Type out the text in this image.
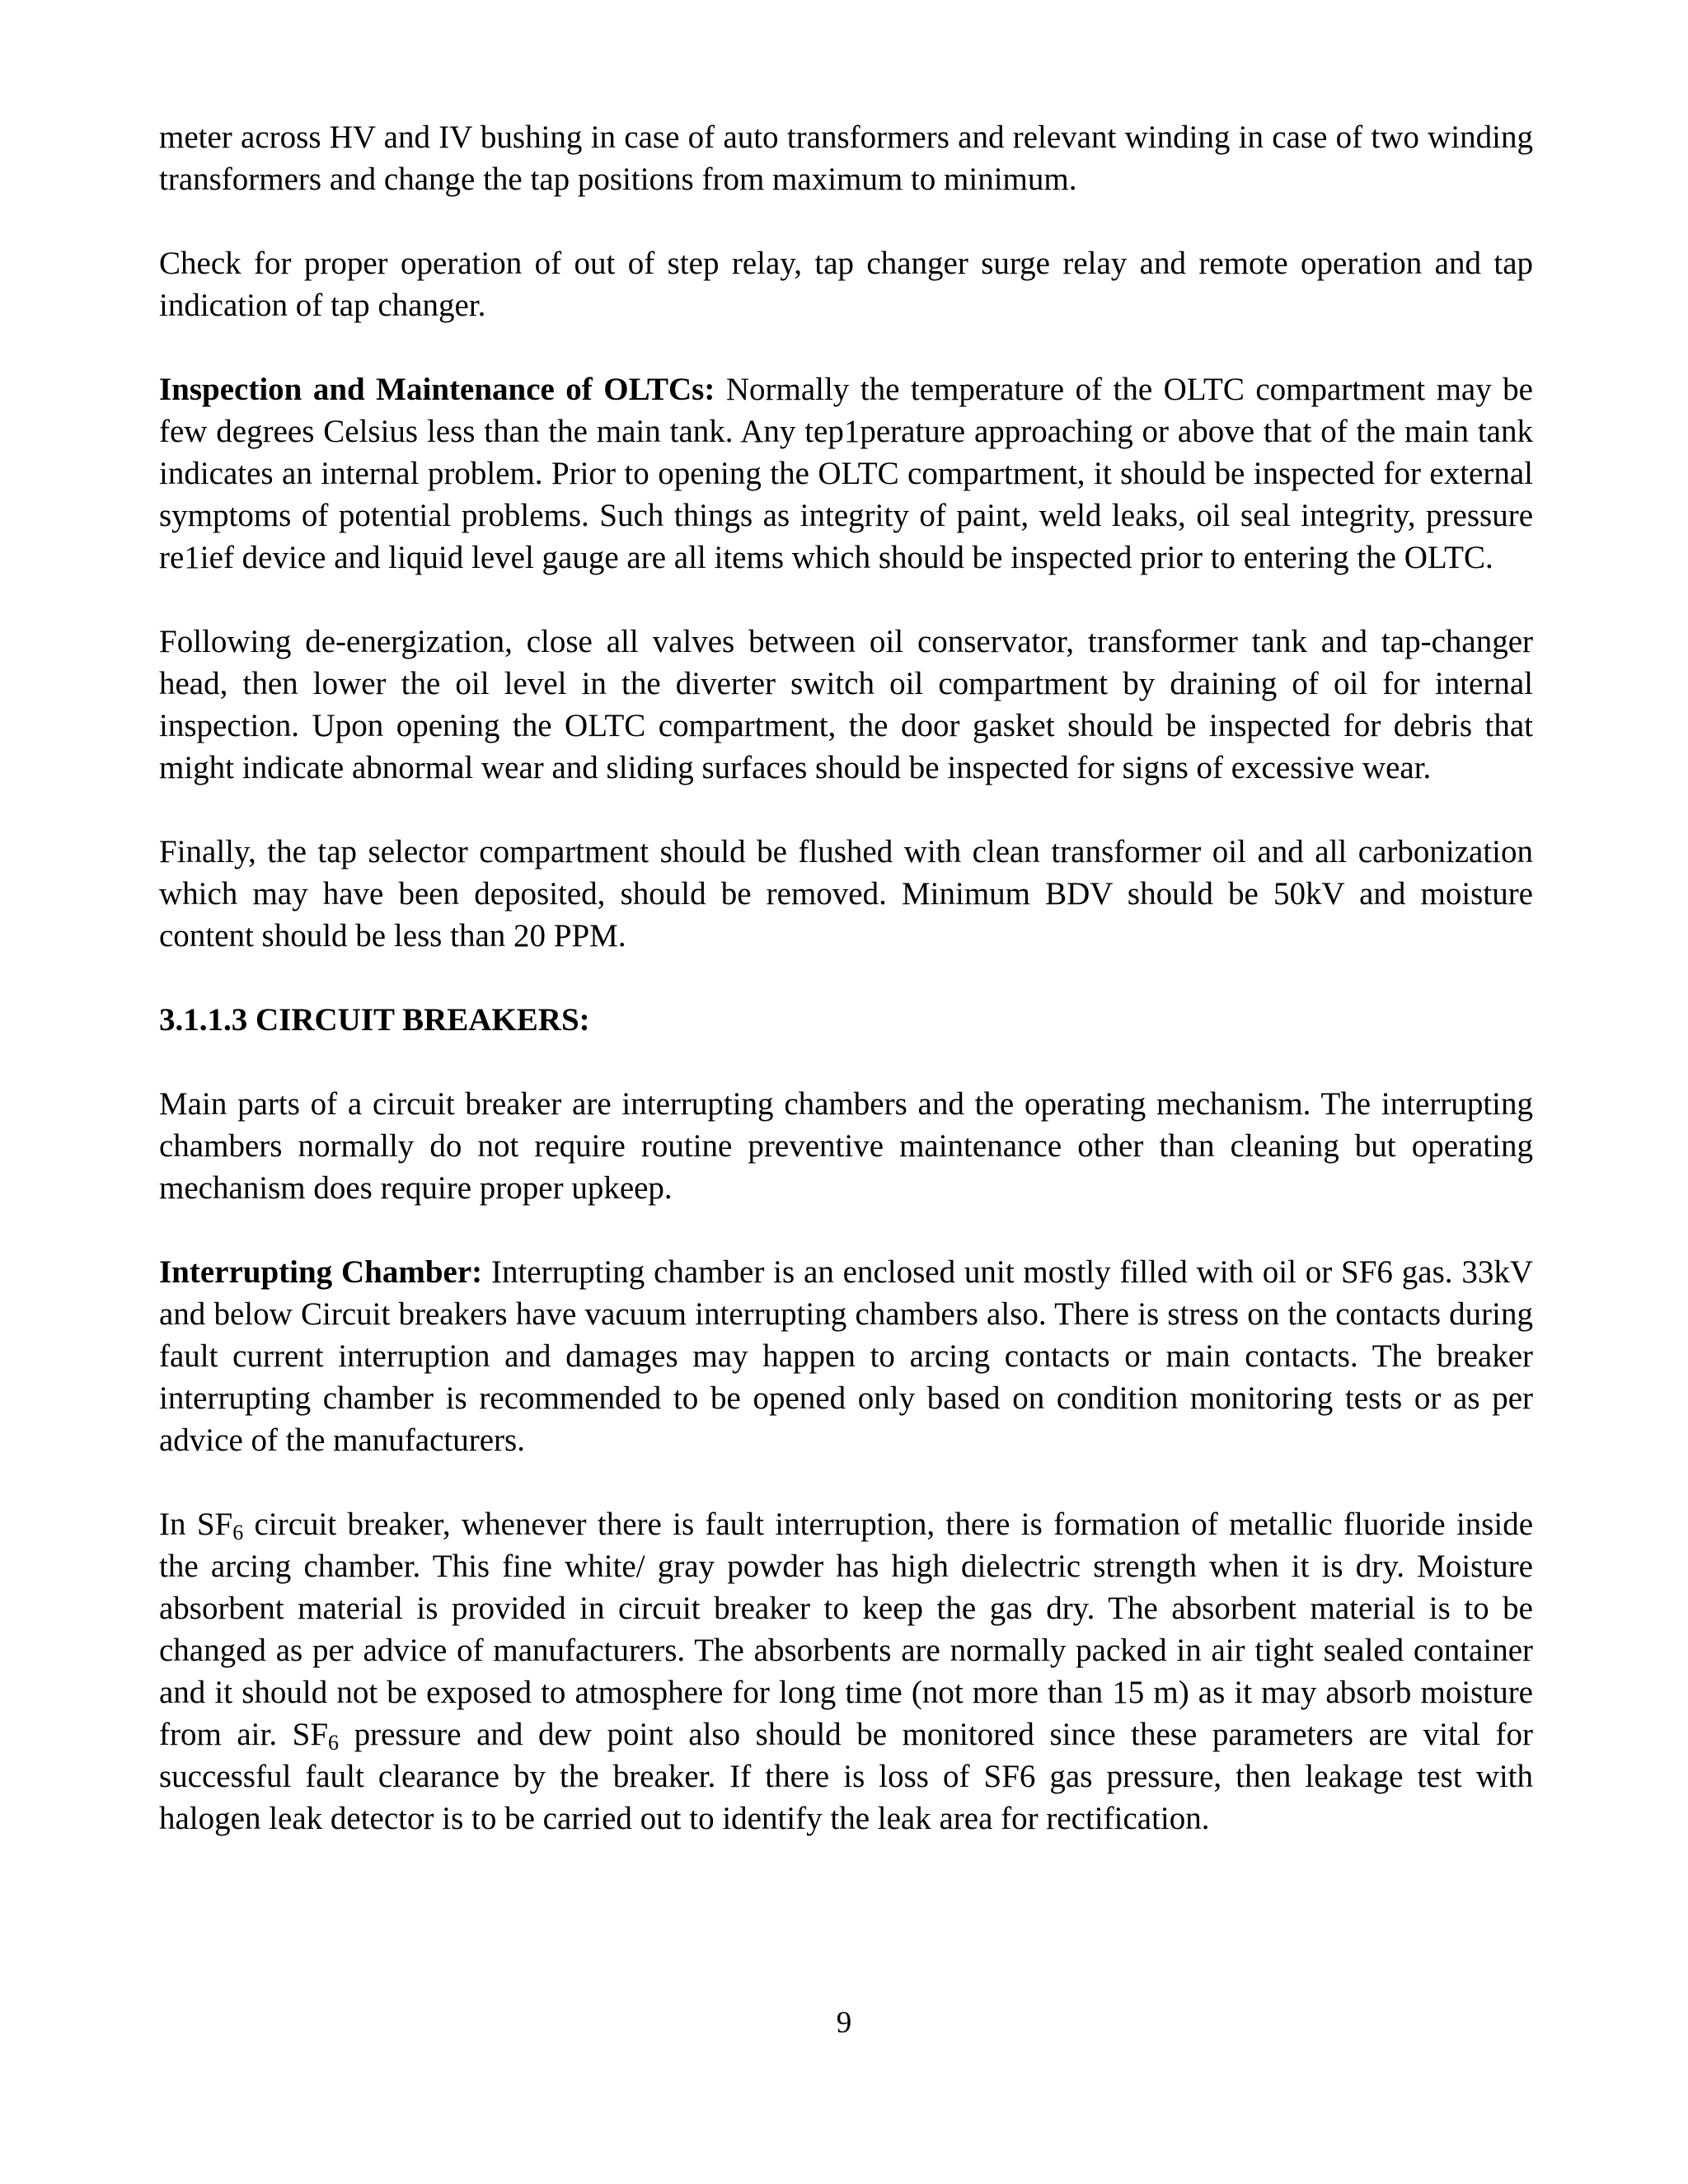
meter across HV and IV bushing in case of auto transformers and relevant winding in case of two winding transformers and change the tap positions from maximum to minimum.

Check for proper operation of out of step relay, tap changer surge relay and remote operation and tap indication of tap changer.

Inspection and Maintenance of OLTCs: Normally the temperature of the OLTC compartment may be few degrees Celsius less than the main tank. Any tep1perature approaching or above that of the main tank indicates an internal problem. Prior to opening the OLTC compartment, it should be inspected for external symptoms of potential problems. Such things as integrity of paint, weld leaks, oil seal integrity, pressure re1ief device and liquid level gauge are all items which should be inspected prior to entering the OLTC.

Following de-energization, close all valves between oil conservator, transformer tank and tap-changer head, then lower the oil level in the diverter switch oil compartment by draining of oil for internal inspection. Upon opening the OLTC compartment, the door gasket should be inspected for debris that might indicate abnormal wear and sliding surfaces should be inspected for signs of excessive wear.

Finally, the tap selector compartment should be flushed with clean transformer oil and all carbonization which may have been deposited, should be removed. Minimum BDV should be 50kV and moisture content should be less than 20 PPM.

3.1.1.3 CIRCUIT BREAKERS:

Main parts of a circuit breaker are interrupting chambers and the operating mechanism. The interrupting chambers normally do not require routine preventive maintenance other than cleaning but operating mechanism does require proper upkeep.

Interrupting Chamber: Interrupting chamber is an enclosed unit mostly filled with oil or SF6 gas. 33kV and below Circuit breakers have vacuum interrupting chambers also. There is stress on the contacts during fault current interruption and damages may happen to arcing contacts or main contacts. The breaker interrupting chamber is recommended to be opened only based on condition monitoring tests or as per advice of the manufacturers.

In $SF_6$ circuit breaker, whenever there is fault interruption, there is formation of metallic fluoride inside the arcing chamber. This fine white/ gray powder has high dielectric strength when it is dry. Moisture absorbent material is provided in circuit breaker to keep the gas dry. The absorbent material is to be changed as per advice of manufacturers. The absorbents are normally packed in air tight sealed container and it should not be exposed to atmosphere for long time (not more than 15 m) as it may absorb moisture from air. $SF_6$ pressure and dew point also should be monitored since these parameters are vital for successful fault clearance by the breaker. If there is loss of SF6 gas pressure, then leakage test with halogen leak detector is to be carried out to identify the leak area for rectification.

9
